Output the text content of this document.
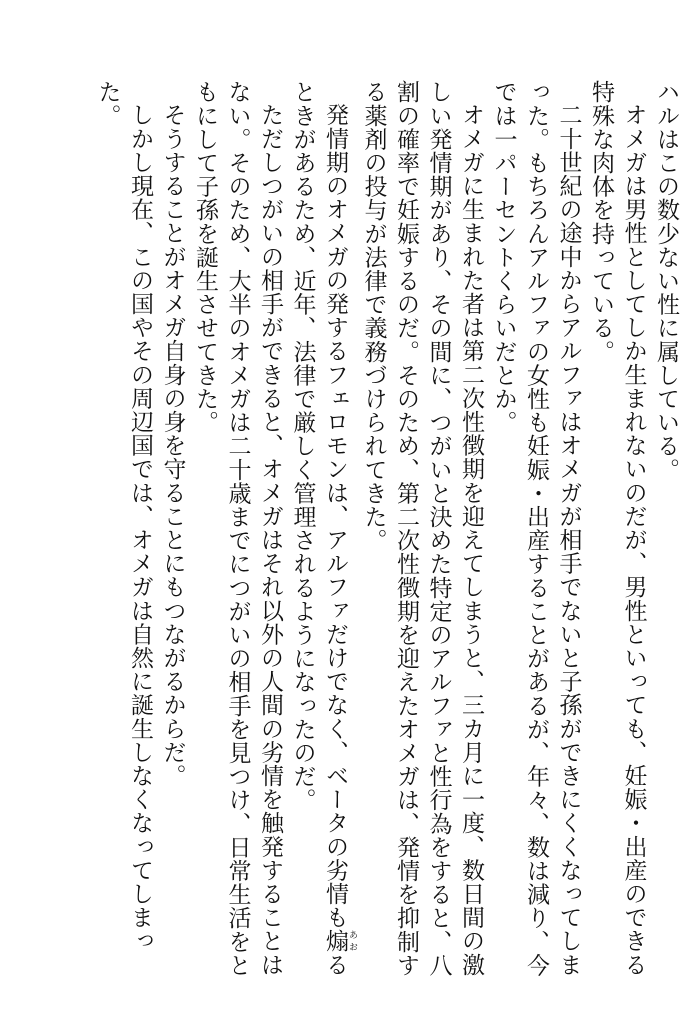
ハルはこの数少ない性に属している。

オメガは男性としてしか生まれないのだが、男性といっても、妊娠・出産のできる特殊な肉体を持っている。

二十世紀の途中からアルファはオメガが相手でないと子孫ができにくくなってしまった。もちろんアルファの女性も妊娠・出産することがあるが、年々、数は減り、今では一パーセントくらいだとか。

オメガに生まれた者は第二次性徴期を迎えてしまうと、三カ月に一度、数日間の激しい発情期があり、その間に、つがいと決めた特定のアルファと性行為をすると、八割の確率で妊娠するのだ。そのため、第二次性徴期を迎えたオメガは、発情を抑制する薬剤の投与が法律で義務づけられてきた。

発情期のオメガの発するフェロモンは、アルファだけでなく、ベータの劣情も煽 あおるときがあるため、近年、法律で厳しく管理されるようになったのだ。

ただしつがいの相手ができると、オメガはそれ以外の人間の劣情を触発することはない。そのため、大半のオメガは二十歳までにつがいの相手を見つけ、日常生活をともにして子孫を誕生させてきた。

そうすることがオメガ自身の身を守ることにもつながるからだ。

しかし現在、この国やその周辺国では、オメガは自然に誕生しなくなってしまった。
